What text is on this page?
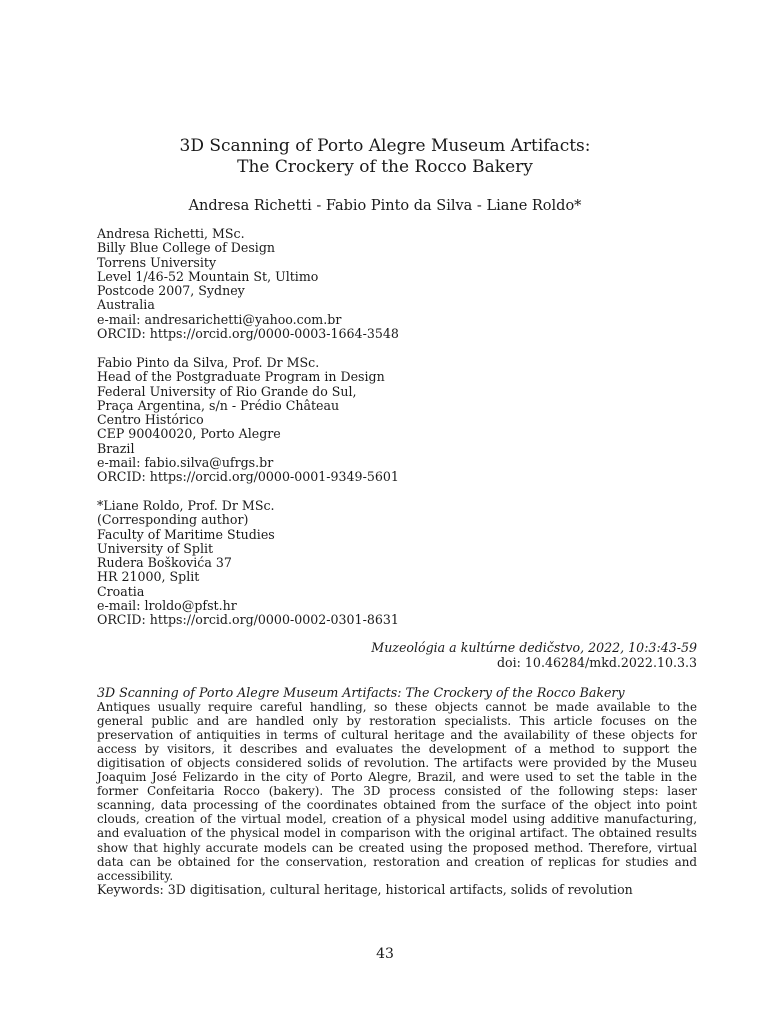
3D Scanning of Porto Alegre Museum Artifacts:
The Crockery of the Rocco Bakery
Andresa Richetti - Fabio Pinto da Silva - Liane Roldo*
Andresa Richetti, MSc.
Billy Blue College of Design
Torrens University
Level 1/46-52 Mountain St, Ultimo
Postcode 2007, Sydney
Australia
e-mail: andresarichetti@yahoo.com.br
ORCID: https://orcid.org/0000-0003-1664-3548
Fabio Pinto da Silva, Prof. Dr MSc.
Head of the Postgraduate Program in Design
Federal University of Rio Grande do Sul,
Praça Argentina, s/n - Prédio Château
Centro Histórico
CEP 90040020, Porto Alegre
Brazil
e-mail: fabio.silva@ufrgs.br
ORCID: https://orcid.org/0000-0001-9349-5601
*Liane Roldo, Prof. Dr MSc.
(Corresponding author)
Faculty of Maritime Studies
University of Split
Rudera Boškovića 37
HR 21000, Split
Croatia
e-mail: lroldo@pfst.hr
ORCID: https://orcid.org/0000-0002-0301-8631
Muzeológia a kultúrne dedičstvo, 2022, 10:3:43-59
doi: 10.46284/mkd.2022.10.3.3
3D Scanning of Porto Alegre Museum Artifacts: The Crockery of the Rocco Bakery
Antiques usually require careful handling, so these objects cannot be made available to the general public and are handled only by restoration specialists. This article focuses on the preservation of antiquities in terms of cultural heritage and the availability of these objects for access by visitors, it describes and evaluates the development of a method to support the digitisation of objects considered solids of revolution. The artifacts were provided by the Museu Joaquim José Felizardo in the city of Porto Alegre, Brazil, and were used to set the table in the former Confeitaria Rocco (bakery). The 3D process consisted of the following steps: laser scanning, data processing of the coordinates obtained from the surface of the object into point clouds, creation of the virtual model, creation of a physical model using additive manufacturing, and evaluation of the physical model in comparison with the original artifact. The obtained results show that highly accurate models can be created using the proposed method. Therefore, virtual data can be obtained for the conservation, restoration and creation of replicas for studies and accessibility.
Keywords: 3D digitisation, cultural heritage, historical artifacts, solids of revolution
43
